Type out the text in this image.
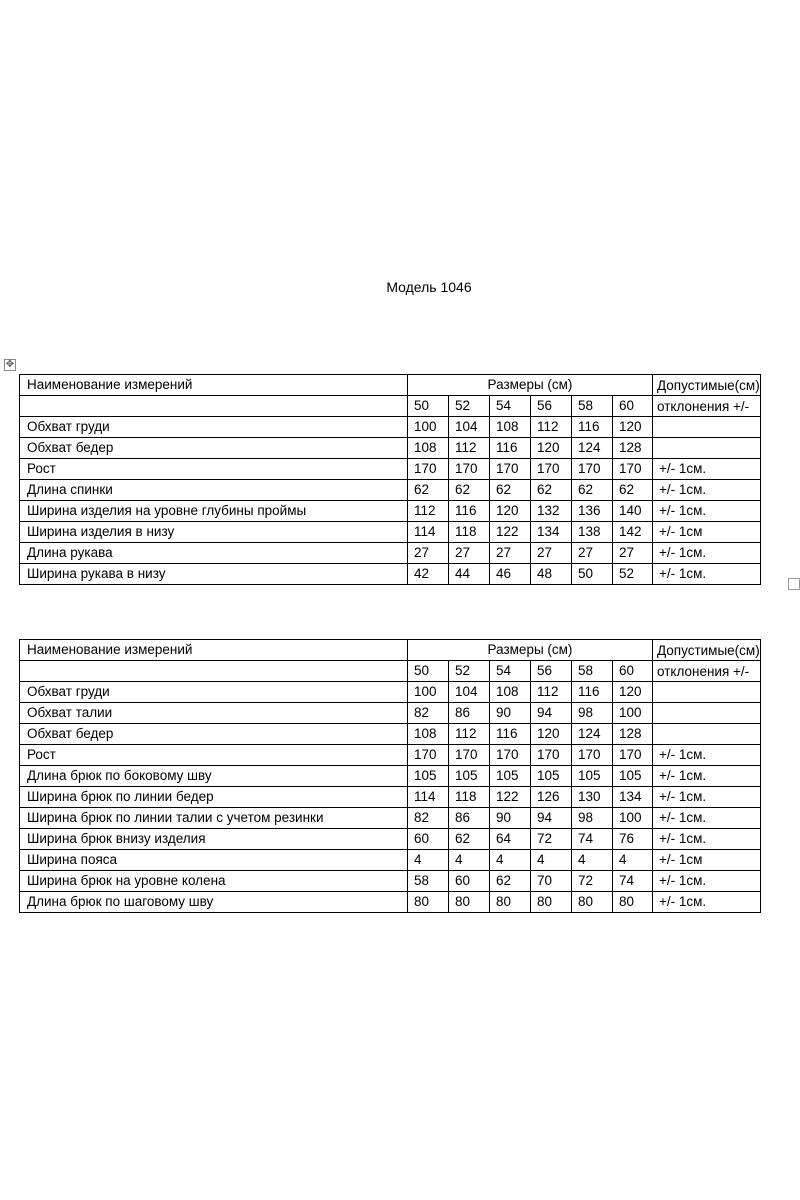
Модель 1046
✥
Наименование измерений	Размеры (см)						Допустимые(см)
	50	52	54	56	58	60	отклонения +/-
Обхват груди	100	104	108	112	116	120	
Обхват бедер	108	112	116	120	124	128	
Рост	170	170	170	170	170	170	+/- 1см.
Длина спинки	62	62	62	62	62	62	+/- 1см.
Ширина изделия на уровне глубины проймы	112	116	120	132	136	140	+/- 1см.
Ширина изделия в низу	114	118	122	134	138	142	+/- 1см
Длина рукава	27	27	27	27	27	27	+/- 1см.
Ширина рукава в низу	42	44	46	48	50	52	+/- 1см.
Наименование измерений	Размеры (см)						Допустимые(см)
	50	52	54	56	58	60	отклонения +/-
Обхват груди	100	104	108	112	116	120	
Обхват талии	82	86	90	94	98	100	
Обхват бедер	108	112	116	120	124	128	
Рост	170	170	170	170	170	170	+/- 1см.
Длина брюк по боковому шву	105	105	105	105	105	105	+/- 1см.
Ширина брюк по линии бедер	114	118	122	126	130	134	+/- 1см.
Ширина брюк по линии талии с учетом резинки	82	86	90	94	98	100	+/- 1см.
Ширина брюк внизу изделия	60	62	64	72	74	76	+/- 1см.
Ширина пояса	4	4	4	4	4	4	+/- 1см
Ширина брюк на уровне колена	58	60	62	70	72	74	+/- 1см.
Длина брюк по шаговому шву	80	80	80	80	80	80	+/- 1см.
